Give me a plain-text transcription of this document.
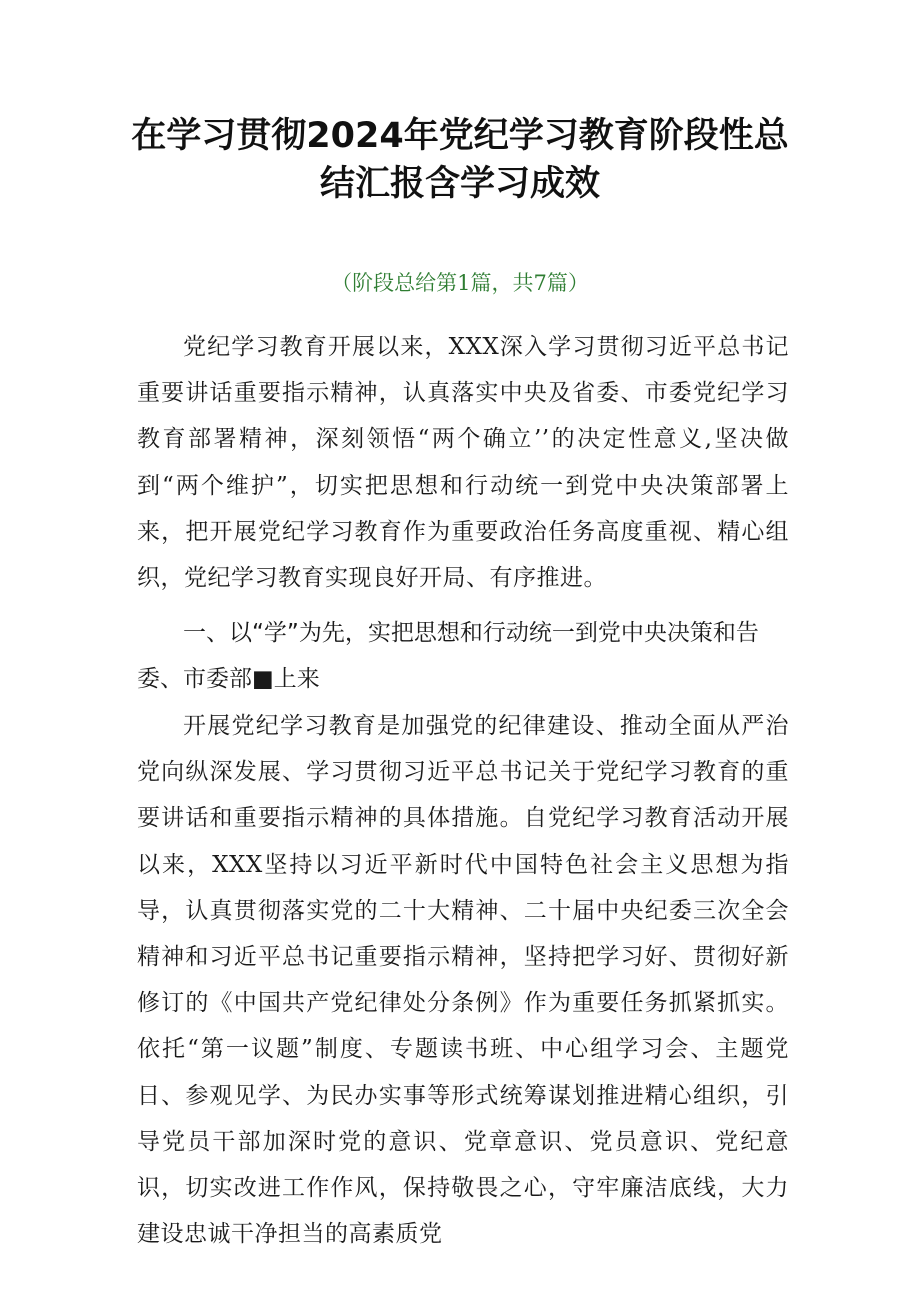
在学习贯彻2024年党纪学习教育阶段性总结汇报含学习成效

（阶段总给第1篇，共7篇）

党纪学习教育开展以来，XXX深入学习贯彻习近平总书记重要讲话重要指示精神，认真落实中央及省委、市委党纪学习教育部署精神，深刻领悟“两个确立’’的决定性意义,坚决做到“两个维护”，切实把思想和行动统一到党中央决策部署上来，把开展党纪学习教育作为重要政治任务高度重视、精心组织，党纪学习教育实现良好开局、有序推进。

一、以“学”为先，实把思想和行动统一到党中央决策和告委、市委部■上来

开展党纪学习教育是加强党的纪律建设、推动全面从严治党向纵深发展、学习贯彻习近平总书记关于党纪学习教育的重要讲话和重要指示精神的具体措施。自党纪学习教育活动开展以来，XXX坚持以习近平新时代中国特色社会主义思想为指导，认真贯彻落实党的二十大精神、二十届中央纪委三次全会精神和习近平总书记重要指示精神，坚持把学习好、贯彻好新修订的《中国共产党纪律处分条例》作为重要任务抓紧抓实。依托“第一议题”制度、专题读书班、中心组学习会、主题党日、参观见学、为民办实事等形式统筹谋划推进精心组织，引导党员干部加深时党的意识、党章意识、党员意识、党纪意识，切实改进工作作风，保持敬畏之心，守牢廉洁底线，大力建设忠诚干净担当的高素质党
